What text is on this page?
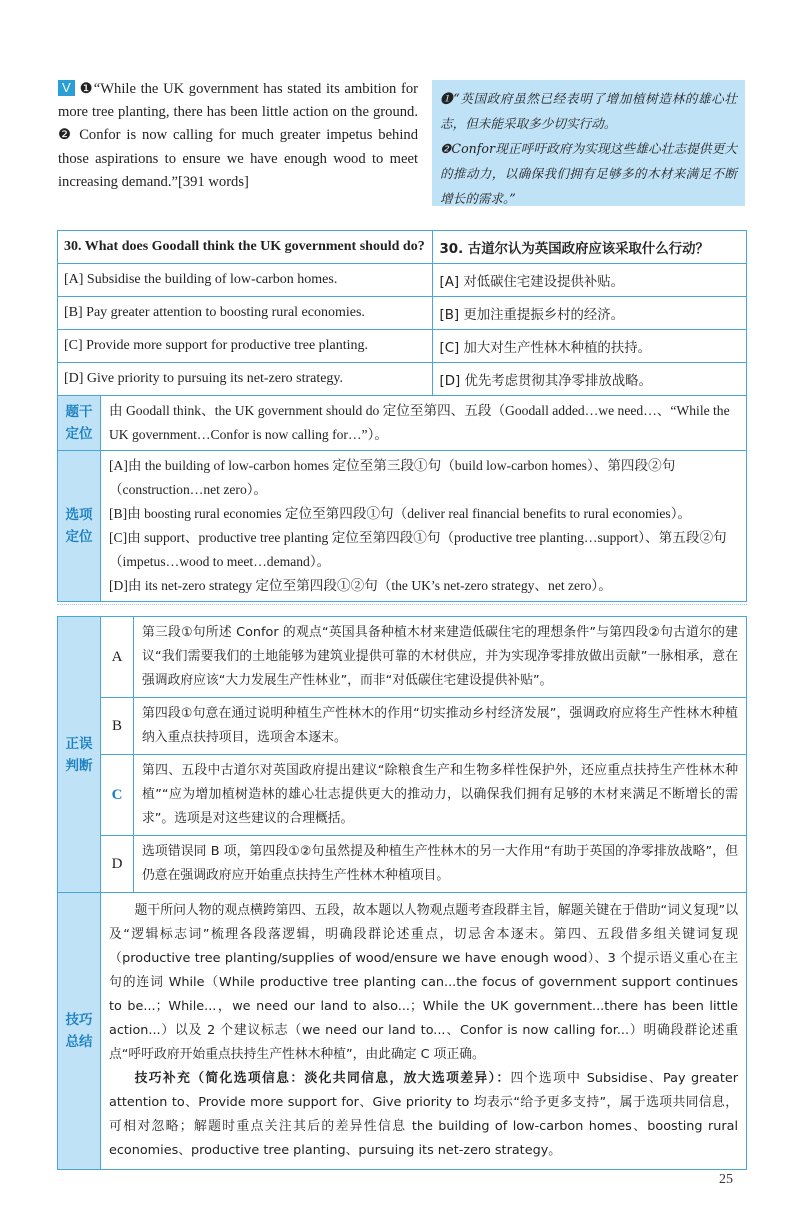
V ❶“While the UK government has stated its ambition for more tree planting, there has been little action on the ground. ❷ Confor is now calling for much greater impetus behind those aspirations to ensure we have enough wood to meet increasing demand.”[391 words]
❶“英国政府虽然已经表明了增加植树造林的雄心壮志，但未能采取多少切实行动。
❷Confor现正呼吁政府为实现这些雄心壮志提供更大的推动力，以确保我们拥有足够多的木材来满足不断增长的需求。”
30. What does Goodall think the UK government should do?		30. 古道尔认为英国政府应该采取什么行动？
[A] Subsidise the building of low-carbon homes.		[A] 对低碳住宅建设提供补贴。
[B] Pay greater attention to boosting rural economies.		[B] 更加注重提振乡村的经济。
[C] Provide more support for productive tree planting.		[C] 加大对生产性林木种植的扶持。
[D] Give priority to pursuing its net-zero strategy.		[D] 优先考虑贯彻其净零排放战略。
题干定位	由 Goodall think、the UK government should do 定位至第四、五段（Goodall added…we need…、“While the UK government…Confor is now calling for…”）。	
选项定位	[A]由 the building of low-carbon homes 定位至第三段①句（build low-carbon homes）、第四段②句（construction…net zero）。
[B]由 boosting rural economies 定位至第四段①句（deliver real financial benefits to rural economies）。
[C]由 support、productive tree planting 定位至第四段①句（productive tree planting…support）、第五段②句（impetus…wood to meet…demand）。
[D]由 its net-zero strategy 定位至第四段①②句（the UK’s net-zero strategy、net zero）。	
正误判断	A	第三段①句所述 Confor 的观点“英国具备种植木材来建造低碳住宅的理想条件”与第四段②句古道尔的建议“我们需要我们的土地能够为建筑业提供可靠的木材供应，并为实现净零排放做出贡献”一脉相承，意在强调政府应该“大力发展生产性林业”，而非“对低碳住宅建设提供补贴”。
	B	第四段①句意在通过说明种植生产性林木的作用“切实推动乡村经济发展”，强调政府应将生产性林木种植纳入重点扶持项目，选项舍本逐末。
	C	第四、五段中古道尔对英国政府提出建议“除粮食生产和生物多样性保护外，还应重点扶持生产性林木种植”“应为增加植树造林的雄心壮志提供更大的推动力，以确保我们拥有足够的木材来满足不断增长的需求”。选项是对这些建议的合理概括。
	D	选项错误同 B 项，第四段①②句虽然提及种植生产性林木的另一大作用“有助于英国的净零排放战略”，但仍意在强调政府应开始重点扶持生产性林木种植项目。
技巧总结	题干所问人物的观点横跨第四、五段，故本题以人物观点题考查段群主旨，解题关键在于借助“词义复现”以及“逻辑标志词”梳理各段落逻辑，明确段群论述重点，切忌舍本逐末。第四、五段借多组关键词复现（productive tree planting/supplies of wood/ensure we have enough wood）、3 个提示语义重心在主句的连词 While（While productive tree planting can...the focus of government support continues to be...；While...，we need our land to also...；While the UK government...there has been little action...）以及 2 个建议标志（we need our land to...、Confor is now calling for...）明确段群论述重点“呼吁政府开始重点扶持生产性林木种植”，由此确定 C 项正确。

技巧补充（简化选项信息：淡化共同信息，放大选项差异）：四个选项中 Subsidise、Pay greater attention to、Provide more support for、Give priority to 均表示“给予更多支持”，属于选项共同信息，可相对忽略；解题时重点关注其后的差异性信息 the building of low-carbon homes、boosting rural economies、productive tree planting、pursuing its net-zero strategy。	

25
